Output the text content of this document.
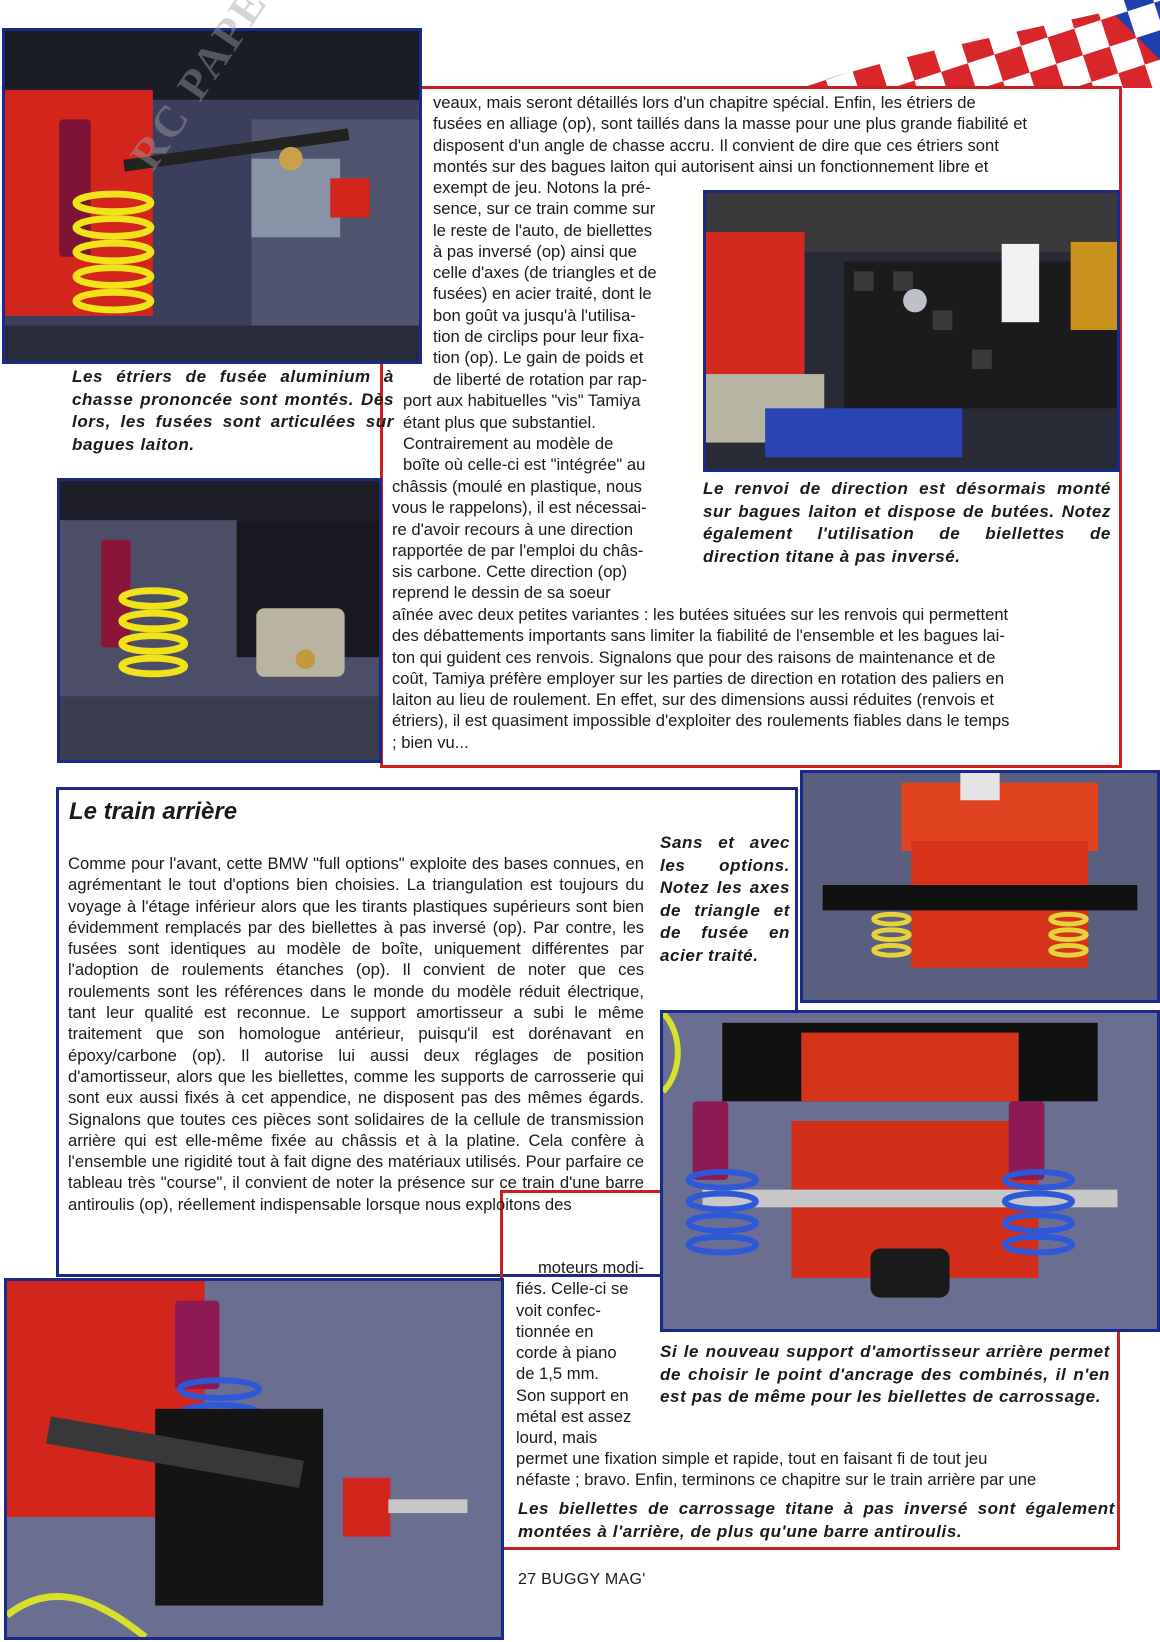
veaux, mais seront détaillés lors d'un chapitre spécial. Enfin, les étriers de

fusées en alliage (op), sont taillés dans la masse pour une plus grande fiabilité et

disposent d'un angle de chasse accru. Il convient de dire que ces étriers sont

montés sur des bagues laiton qui autorisent ainsi un fonctionnement libre et

exempt de jeu. Notons la pré-

sence, sur ce train comme sur

le reste de l'auto, de biellettes

à pas inversé (op) ainsi que

celle d'axes (de triangles et de

fusées) en acier traité, dont le

bon goût va jusqu'à l'utilisa-

tion de circlips pour leur fixa-

tion (op). Le gain de poids et

de liberté de rotation par rap-

port aux habituelles "vis" Tamiya

étant plus que substantiel.

Contrairement au modèle de

boîte où celle-ci est "intégrée" au

châssis (moulé en plastique, nous

vous le rappelons), il est nécessai-

re d'avoir recours à une direction

rapportée de par l'emploi du châs-

sis carbone. Cette direction (op)

reprend le dessin de sa soeur

aînée avec deux petites variantes : les butées situées sur les renvois qui permettent

des débattements importants sans limiter la fiabilité de l'ensemble et les bagues lai-

ton qui guident ces renvois. Signalons que pour des raisons de maintenance et de

coût, Tamiya préfère employer sur les parties de direction en rotation des paliers en

laiton au lieu de roulement. En effet, sur des dimensions aussi réduites (renvois et

étriers), il est quasiment impossible d'exploiter des roulements fiables dans le temps

; bien vu...

Les étriers de fusée aluminium à chasse prononcée sont montés. Dès lors, les fusées sont articulées sur bagues laiton.

Le renvoi de direction est désormais monté sur bagues laiton et dispose de butées. Notez également l'utilisation de biellettes de direction titane à pas inversé.

Sans et avec les options. Notez les axes de triangle et de fusée en acier traité.

Si le nouveau support d'amortisseur arrière permet de choisir le point d'ancrage des combinés, il n'en est pas de même pour les biellettes de carrossage.

Les biellettes de carrossage titane à pas inversé sont également montées à l'arrière, de plus qu'une barre antiroulis.

Le train arrière

Comme pour l'avant, cette BMW "full options" exploite des bases connues, en agrémentant le tout d'options bien choisies. La triangulation est toujours du voyage à l'étage inférieur alors que les tirants plastiques supérieurs sont bien évidemment remplacés par des biellettes à pas inversé (op). Par contre, les fusées sont identiques au modèle de boîte, uniquement différentes par l'adoption de roulements étanches (op). Il convient de noter que ces roulements sont les références dans le monde du modèle réduit électrique, tant leur qualité est reconnue. Le support amortisseur a subi le même traitement que son homologue antérieur, puisqu'il est dorénavant en époxy/carbone (op). Il autorise lui aussi deux réglages de position d'amortisseur, alors que les biellettes, comme les supports de carrosserie qui sont eux aussi fixés à cet appendice, ne disposent pas des mêmes égards. Signalons que toutes ces pièces sont solidaires de la cellule de transmission arrière qui est elle-même fixée au châssis et à la platine. Cela confère à l'ensemble une rigidité tout à fait digne des matériaux utilisés. Pour parfaire ce tableau très "course", il convient de noter la présence sur ce train d'une barre antiroulis (op), réellement indispensable lorsque nous exploitons des

moteurs modi-

fiés. Celle-ci se

voit confec-

tionnée en

corde à piano

de 1,5 mm.

Son support en

métal est assez

lourd, mais

permet une fixation simple et rapide, tout en faisant fi de tout jeu

néfaste ; bravo. Enfin, terminons ce chapitre sur le train arrière par une

27 BUGGY MAG'
